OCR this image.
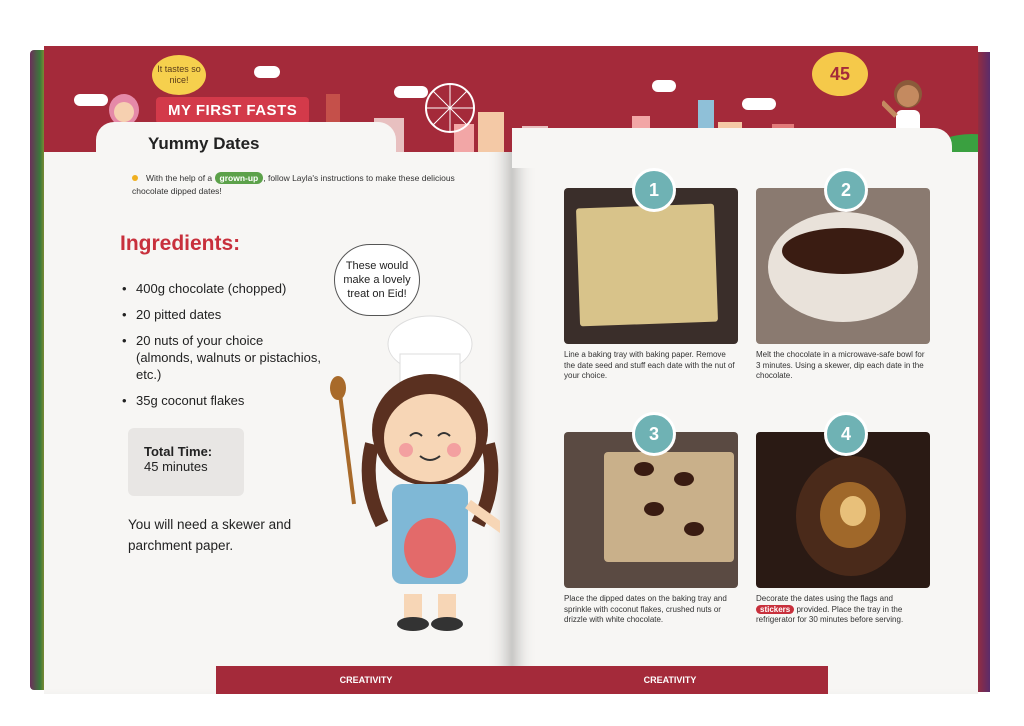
It tastes so nice!
MY FIRST FASTS
Yummy Dates
With the help of a grown-up , follow Layla's instructions to make these delicious chocolate dipped dates!
Ingredients:
• 400g chocolate (chopped)
• 20 pitted dates
• 20 nuts of your choice (almonds, walnuts or pistachios, etc.)
• 35g coconut flakes
Total Time:
45 minutes
You will need a skewer and parchment paper.
These would make a lovely treat on Eid!
CREATIVITY
45
1
Line a baking tray with baking paper. Remove the date seed and stuff each date with the nut of your choice.
2
Melt the chocolate in a microwave-safe bowl for 3 minutes. Using a skewer, dip each date in the chocolate.
3
Place the dipped dates on the baking tray and sprinkle with coconut flakes, crushed nuts or drizzle with white chocolate.
4
Decorate the dates using the flags and stickers provided. Place the tray in the refrigerator for 30 minutes before serving.
CREATIVITY
